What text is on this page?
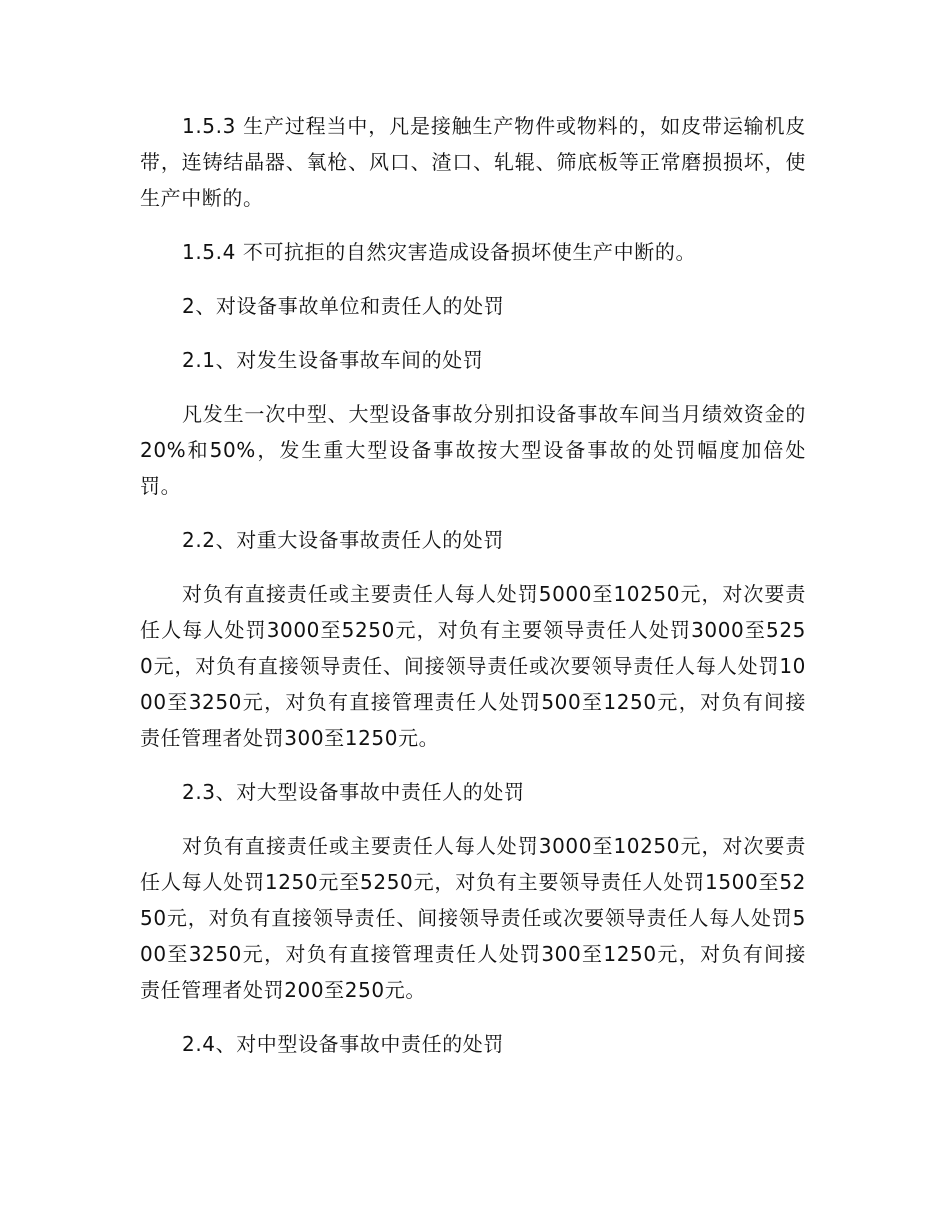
1.5.3 生产过程当中，凡是接触生产物件或物料的，如皮带运输机皮带，连铸结晶器、氧枪、风口、渣口、轧辊、筛底板等正常磨损损坏，使生产中断的。

1.5.4 不可抗拒的自然灾害造成设备损坏使生产中断的。

2、对设备事故单位和责任人的处罚

2.1、对发生设备事故车间的处罚

凡发生一次中型、大型设备事故分别扣设备事故车间当月绩效资金的20%和50%，发生重大型设备事故按大型设备事故的处罚幅度加倍处罚。

2.2、对重大设备事故责任人的处罚

对负有直接责任或主要责任人每人处罚5000至10250元，对次要责任人每人处罚3000至5250元，对负有主要领导责任人处罚3000至5250元，对负有直接领导责任、间接领导责任或次要领导责任人每人处罚1000至3250元，对负有直接管理责任人处罚500至1250元，对负有间接责任管理者处罚300至1250元。

2.3、对大型设备事故中责任人的处罚

对负有直接责任或主要责任人每人处罚3000至10250元，对次要责任人每人处罚1250元至5250元，对负有主要领导责任人处罚1500至5250元，对负有直接领导责任、间接领导责任或次要领导责任人每人处罚500至3250元，对负有直接管理责任人处罚300至1250元，对负有间接责任管理者处罚200至250元。

2.4、对中型设备事故中责任的处罚
